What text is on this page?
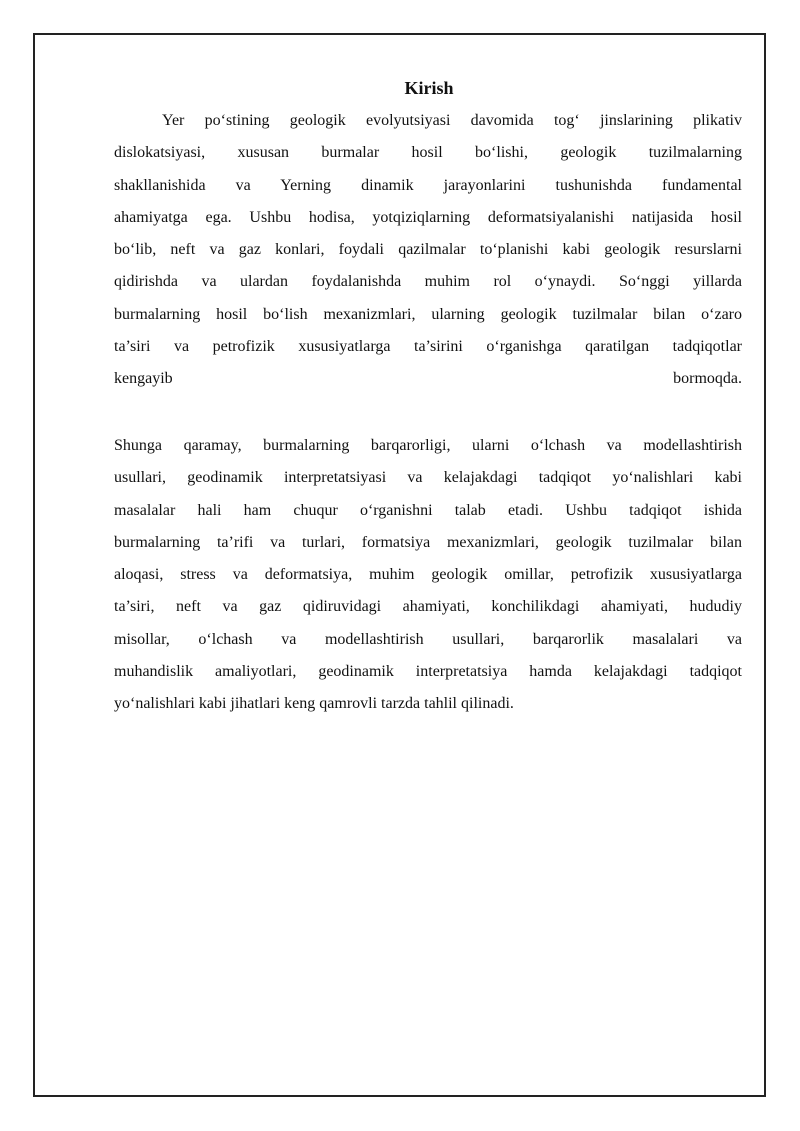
Kirish
Yer po‘stining geologik evolyutsiyasi davomida tog‘ jinslarining plikativ
dislokatsiyasi, xususan burmalar hosil bo‘lishi, geologik tuzilmalarning
shakllanishida va Yerning dinamik jarayonlarini tushunishda fundamental
ahamiyatga ega. Ushbu hodisa, yotqiziqlarning deformatsiyalanishi natijasida hosil
bo‘lib, neft va gaz konlari, foydali qazilmalar to‘planishi kabi geologik resurslarni
qidirishda va ulardan foydalanishda muhim rol o‘ynaydi. So‘nggi yillarda
burmalarning hosil bo‘lish mexanizmlari, ularning geologik tuzilmalar bilan o‘zaro
ta’siri va petrofizik xususiyatlarga ta’sirini o‘rganishga qaratilgan tadqiqotlar
kengayib bormoqda.
Shunga qaramay, burmalarning barqarorligi, ularni o‘lchash va modellashtirish
usullari, geodinamik interpretatsiyasi va kelajakdagi tadqiqot yo‘nalishlari kabi
masalalar hali ham chuqur o‘rganishni talab etadi. Ushbu tadqiqot ishida
burmalarning ta’rifi va turlari, formatsiya mexanizmlari, geologik tuzilmalar bilan
aloqasi, stress va deformatsiya, muhim geologik omillar, petrofizik xususiyatlarga
ta’siri, neft va gaz qidiruvidagi ahamiyati, konchilikdagi ahamiyati, hududiy
misollar, o‘lchash va modellashtirish usullari, barqarorlik masalalari va
muhandislik amaliyotlari, geodinamik interpretatsiya hamda kelajakdagi tadqiqot
yo‘nalishlari kabi jihatlari keng qamrovli tarzda tahlil qilinadi.
